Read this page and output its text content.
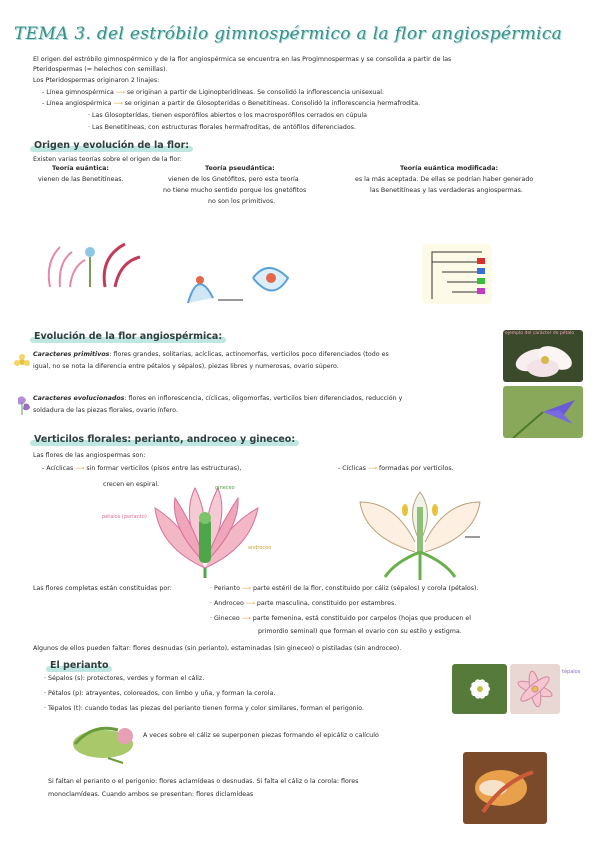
TEMA 3. del estróbilo gimnospérmico a la flor angiospérmica
El origen del estróbilo gimnospérmico y de la flor angiospérmica se encuentra en las Progimnospermas y se consolida a partir de las
Pteridospermas (= helechos con semillas).
Los Pteridospermas originaron 2 linajes:
- Línea gimnospérmica ⟶ se originan a partir de Liginopteridíneas. Se consolidó la inflorescencia unisexual.
- Línea angiospérmica ⟶ se originan a partir de Glosopteridas o Benetitíneas. Consolidó la inflorescencia hermafrodita.
· Las Glosopterídas, tienen esporófilos abiertos o los macrosporófilos cerrados en cúpula
· Las Benetitíneas, con estructuras florales hermafroditas, de antófilos diferenciados.
Origen y evolución de la flor:
Existen varias teorías sobre el origen de la flor:
Teoría euántica:
vienen de las Benetitíneas.
Teoría pseudántica:
vienen de los Gnetófitos, pero esta teoría
no tiene mucho sentido porque los gnetófitos
no son los primitivos.
Teoría euántica modificada:
es la más aceptada. De ellas se podrían haber generado
las Benetitíneas y las verdaderas angiospermas.
Evolución de la flor angiospérmica:
Caracteres primitivos: flores grandes, solitarias, acíclicas, actinomorfas, verticilos poco diferenciados (todo es
igual, no se nota la diferencia entre pétalos y sépalos), piezas libres y numerosas, ovario súpero.
Caracteres evolucionados: flores en inflorescencia, cíclicas, oligomorfas, verticilos bien diferenciados, reducción y
soldadura de las piezas florales, ovario ínfero.
ejemplo del carácter de pétalo
Verticilos florales: perianto, androceo y gineceo:
Las flores de las angiospermas son:
- Acíclicas ⟶ sin formar verticilos (pisos entre las estructuras),
crecen en espiral.
- Cíclicas ⟶ formadas por verticilos.
pétalos (perianto)
gineceo
androceo
Las flores completas están constituidas por:	· Perianto ⟶ parte estéril de la flor, constituido por cáliz (sépalos) y corola (pétalos).
· Androceo ⟶ parte masculina, constituido por estambres.
· Gineceo ⟶ parte femenina, está constituido por carpelos (hojas que producen el
primordio seminal) que forman el ovario con su estilo y estigma.
Algunos de ellos pueden faltar: flores desnudas (sin perianto), estaminadas (sin gineceo) o pistiladas (sin androceo).
El perianto
· Sépalos (s): protectores, verdes y forman el cáliz.
· Pétalos (p): atrayentes, coloreados, con limbo y uña, y forman la corola.
· Tépalos (t): cuando todas las piezas del perianto tienen forma y color similares, forman el perigonio.
A veces sobre el cáliz se superponen piezas formando el epicáliz o calículo
Si faltan el perianto o el perigonio: flores aclamídeas o desnudas. Si falta el cáliz o la corola: flores
monoclamídeas. Cuando ambos se presentan: flores diclamídeas
tépalos
